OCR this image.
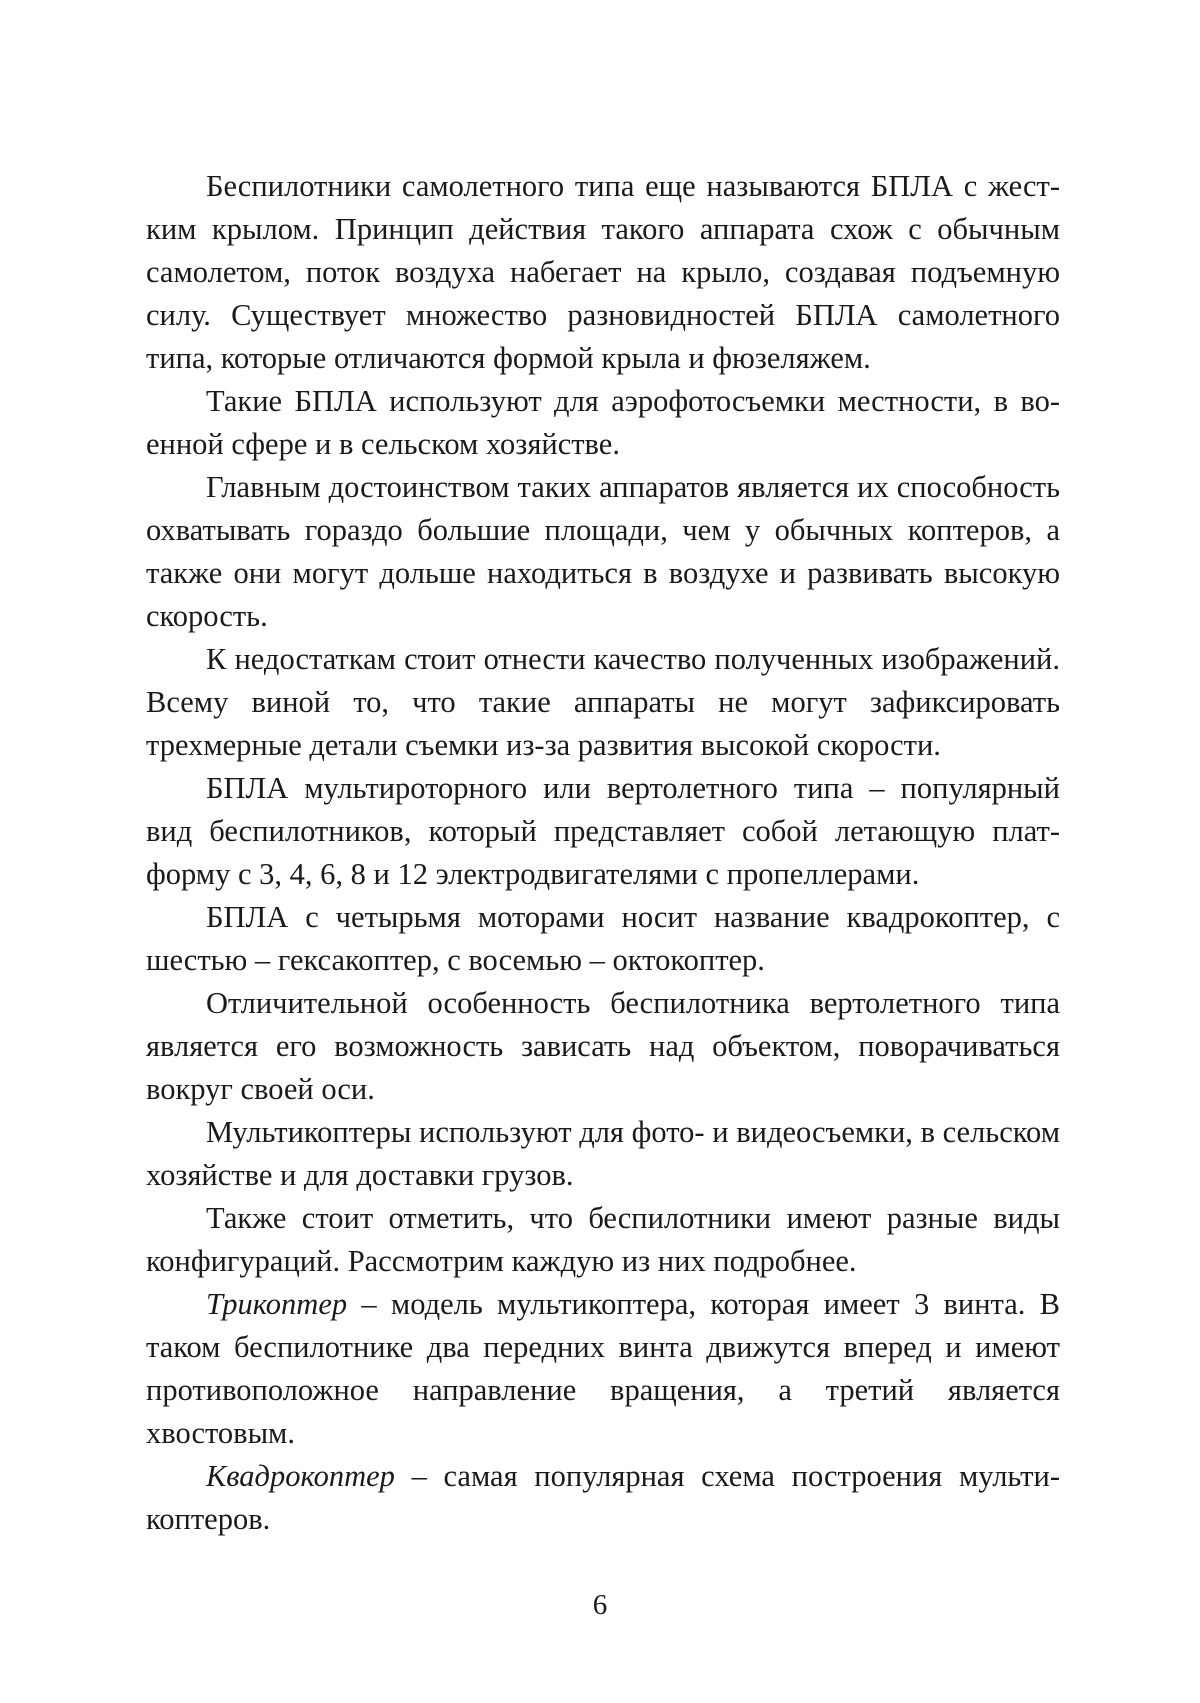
Беспилотники самолетного типа еще называются БПЛА с жестким крылом. Принцип действия такого аппарата схож с обычным самолетом, поток воздуха набегает на крыло, создавая подъемную силу. Существует множество разновидностей БПЛА самолетного типа, которые отличаются формой крыла и фюзеляжем.

Такие БПЛА используют для аэрофотосъемки местности, в военной сфере и в сельском хозяйстве.

Главным достоинством таких аппаратов является их способность охватывать гораздо большие площади, чем у обычных коптеров, а также они могут дольше находиться в воздухе и развивать высокую скорость.

К недостаткам стоит отнести качество полученных изображений. Всему виной то, что такие аппараты не могут зафиксировать трехмерные детали съемки из-за развития высокой скорости.

БПЛА мультироторного или вертолетного типа – популярный вид беспилотников, который представляет собой летающую платформу с 3, 4, 6, 8 и 12 электродвигателями с пропеллерами.

БПЛА с четырьмя моторами носит название квадрокоптер, с шестью – гексакоптер, с восемью – октокоптер.

Отличительной особенность беспилотника вертолетного типа является его возможность зависать над объектом, поворачиваться вокруг своей оси.

Мультикоптеры используют для фото- и видеосъемки, в сельском хозяйстве и для доставки грузов.

Также стоит отметить, что беспилотники имеют разные виды конфигураций. Рассмотрим каждую из них подробнее.

Трикоптер – модель мультикоптера, которая имеет 3 винта. В таком беспилотнике два передних винта движутся вперед и имеют противоположное направление вращения, а третий является хвостовым.

Квадрокоптер – самая популярная схема построения мультикоптеров.

6
